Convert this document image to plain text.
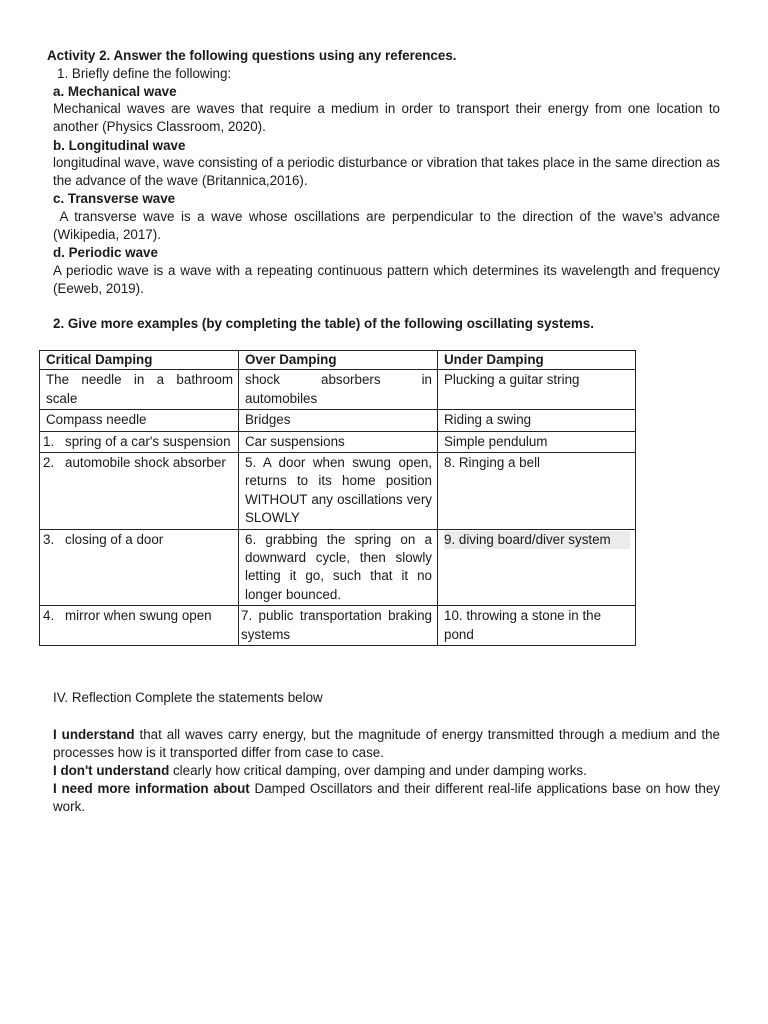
Activity 2. Answer the following questions using any references.
1. Briefly define the following:
a. Mechanical wave
Mechanical waves are waves that require a medium in order to transport their energy from one location to another (Physics Classroom, 2020).
b. Longitudinal wave
longitudinal wave, wave consisting of a periodic disturbance or vibration that takes place in the same direction as the advance of the wave (Britannica,2016).
c. Transverse wave
A transverse wave is a wave whose oscillations are perpendicular to the direction of the wave's advance (Wikipedia, 2017).
d. Periodic wave
A periodic wave is a wave with a repeating continuous pattern which determines its wavelength and frequency (Eeweb, 2019).
2. Give more examples (by completing the table) of the following oscillating systems.
Critical Damping	Over Damping	Under Damping

The needle in a bathroom scale	shock absorbers in automobiles	Plucking a guitar string

Compass needle	Bridges	Riding a swing

1. spring of a car's suspension	Car suspensions	Simple pendulum

2. automobile shock absorber	5. A door when swung open, returns to its home position WITHOUT any oscillations very SLOWLY	8. Ringing a bell

3. closing of a door	6. grabbing the spring on a downward cycle, then slowly letting it go, such that it no longer bounced.	9. diving board/diver system

4. mirror when swung open	7. public transportation braking systems	10. throwing a stone in the pond
IV. Reflection Complete the statements below
I understand that all waves carry energy, but the magnitude of energy transmitted through a medium and the processes how is it transported differ from case to case.
I don't understand clearly how critical damping, over damping and under damping works.
I need more information about Damped Oscillators and their different real-life applications base on how they work.
